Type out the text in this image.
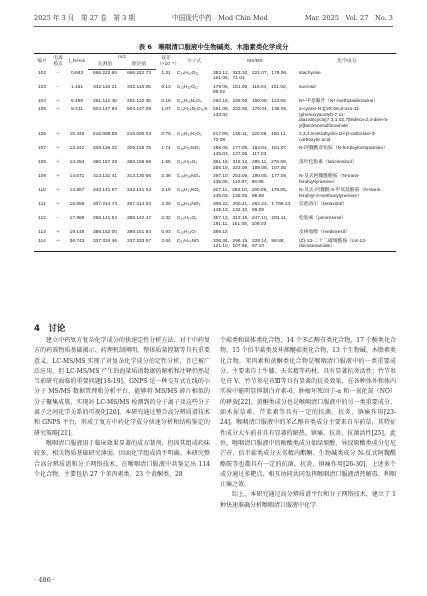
2025 年 3 月　第 27 卷　第 3 期	中国现代中药　Mod Chin Med	Mar. 2025　Vol. 27　No. 3
表 6　喉咽清口服液中生物碱类、木脂素类化学成分
编号	电离模式	t_R/min	m/z		误差（×10⁻⁶）	分子式	MS/MS	化学成分
			实测值	理论值				
102	－	0.683	666.222 86	666.222 73	1.31	C₂₄H₄₂O₂₁	383.12，323.10，221.07，179.06，161.05，71.01	stachyose
103	－	1.151	342.116 21	342.116 25	0.13	C₁₂H₂₂O₁₁	179.06，161.05，119.04，101.02，89.02	sucrose
104	＋	6.490	281.112 40	281.112 35	0.18	C₁₁H₁₅N₅O₄	282.16，238.09，150.08，113.06	N⁶-甲基腺苷（N⁶-methyladenosine）
105	＋	8.411	504.147 83	504.147 29	1.07	C₂₃H₂₄N₂O₁₀S	251.06，233.05，179.04，135.05，133.02	2-cyano-N-[(1R,9S,6-oxo-11-(phenoxyacetyl)-7,11-diazatricyclo[7.3.1.02,7]trideca-2,4-dien-5-yl]benzenesulfonamide
106	＋	10.445	216.089 88	216.090 03	0.70	C₁₂H₁₂N₂O₂	217.09，149.11，120.08，100.11，72.08	2,3,4,9-tetrahydro-1H-β-carboline-3-carboxylic acid
107	＋	13.242	329.126 32	329.125 75	1.74	C₁₈H₁₉NO₅	186.05，177.05，163.04，151.07，145.03，137.06，117.03	N-阿魏酰章鱼胺（N-feruloyloctopamine）
108	＋	14.294	360.157 29	360.156 69	1.65	C₂₀H₂₄O₆	361.16，315.12，285.11，270.09，255.10，223.09，189.09，107.05	落叶松脂素（lariciresinol）
109	＋	14.571	313.131 41	313.130 66	2.38	C₁₈H₁₉NO₄	297.10，253.09，190.05，177.05，135.05，110.97，88.99	N-反式阿魏酰酪胺（N-trans-feruloyltyramine）
110	＋	14.957	343.141 97	343.141 22	2.19	C₁₉H₂₁NO₅	327.11，283.10，190.05，178.05，145.03，135.05，88.99	N-反式-阿魏酰-3-甲氧基酪胺（N-trans-feruloyl-3-methoxytyramine）
111	＋	16.856	307.214 74	307.214 04	2.30	C₁₈H₂₉NO₃	308.22，290.21，262.22，1 799.13，149.13，132.10，86.09	倍他洛尔（betaxolol）
112	－	17.866	358.141 64	358.142 47	2.32	C₂₀H₂₂O₆	357.13，313.15，247.10，203.11，191.11，151.08，109.03	松脂素（pinoresinol）
113	＋	19.148	388.152 00	388.151 84	0.93	C₂₁H₂₄O₇	389.12	皮树脂醇（medioresil）
114	＋	36.743	337.334 46	337.333 57	2.64	C₂₂H₄₃NO	338.34，296.15，228.14，88.88，121.10，107.96，97.10	(Z)-13-二十二碳烯酰胺（cis-13-docosenamide）
4　讨论

建立中药复方复杂化学成分的快速定性分析方法，对于中药复方的药效物质基础揭示、药理机制阐明、整体质量控制等具有重要意义。LC-MS/MS 实现了对复杂化学成分的定性分析，且已被广泛应用，但 LC-MS/MS 产生的海量质谱数据的解析和注释仍然是当前研究面临的重要问题[18-19]。GNPS 是一种交互式在线的小分子 MS/MS 数据管理和分析平台，能够将 MS/MS 碎片相似的分子聚集成簇，实现对 LC-MS/MS 检测到的分子离子及这些分子离子之间化学关系的可视化[20]。本研究通过整合高分辨质谱技术和 GNPS 平台，形成了复方中药化学成分快速分析和结构鉴定的研究策略[21]。

喉咽清口服液用于临床效果显著的成方制剂，但因其组成药味较多、相关物质基础研究薄弱，因而化学组成尚不明确。本研究整合高分辨质谱和分子网络技术，在喉咽清口服液中共鉴定出 114 个化合物，主要包括 27 个苯丙素类、23 个黄酮类、28

个萜类和甾体类化合物，14 个苯乙醇苷类化合物，17 个酚类化合物，15 个倍半萜类及环烯醚萜类化合物，13 个生物碱、木脂素类化合物。苯丙素和黄酮类化合物是喉咽清口服液中的一类重要成分，主要来自土牛膝、天名精等药材。具有显著抗炎活性；竹节参皂苷 V、竹节参皂苷Ⅲ等具有显著的抗炎效果，在各种体外和体内实验中能明显抑制白介素-6、肿瘤坏死因子-α 和一氧化氮（NO）的释放[22]。黄酮类成分也是喉咽清口服液中的另一类重要成分，如木犀草素、芹菜素等具有一定的抗菌、抗炎、镇痛作用[23-24]。喉咽清口服液中的苯乙醇苷类成分主要来自车前草，其特征性成分大车前苷具有显著的解热、镇痛、抗炎、抗菌活性[25]。此外，喉咽清口服液中的酚酸类成分如绿原酸、异绿原酸类成分皂尼芒苷、倍半萜类成分天名精内酯酮、生物碱类成分 N-反式阿魏酰酪胺等也都具有一定的抗菌、抗炎、镇痛作用[26-30]，上述多个成分通过多靶点、相互协同共同发挥喉咽清口服液清热解毒、利咽止痛之效。

综上，本研究通过高分辨质谱平台和分子网络技术，建立了 1 种快速准确分析喉咽清口服液中化学

· 486 ·
